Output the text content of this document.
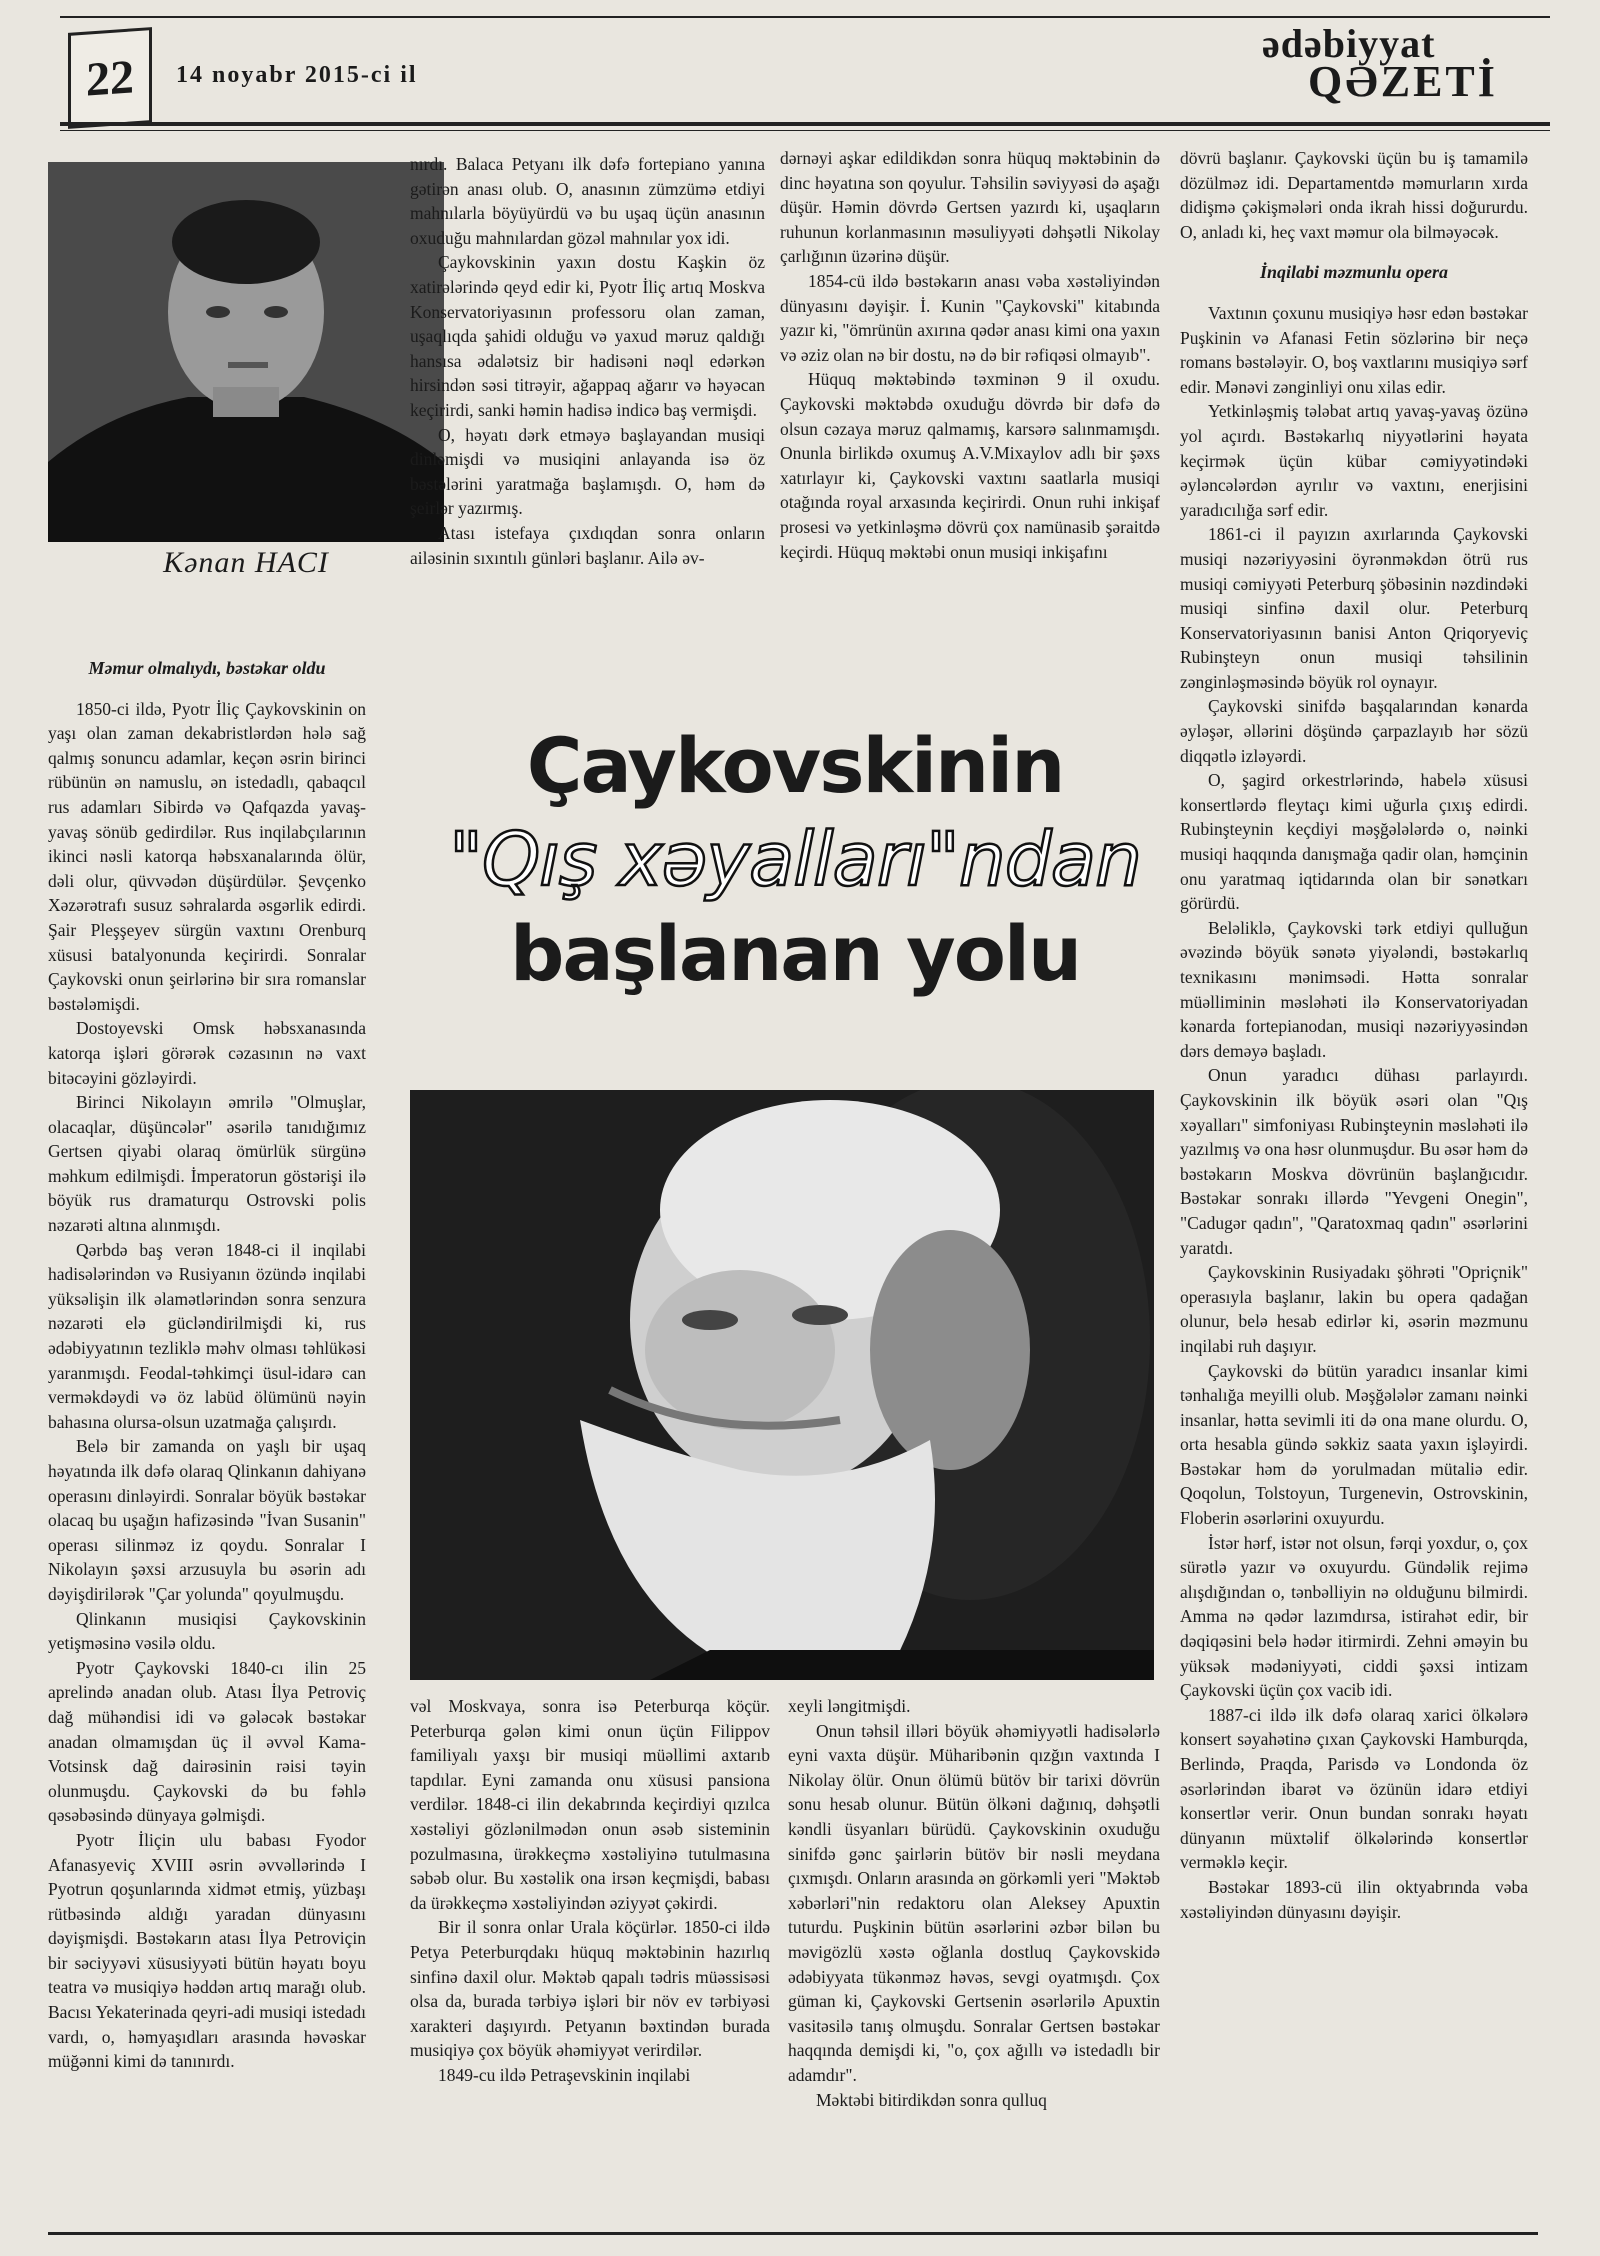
22	14 noyabr 2015-ci il
ədəbiyyat
QƏZETİ
Kənan HACI

Məmur olmalıydı, bəstəkar oldu

1850-ci ildə, Pyotr İliç Çaykovskinin on yaşı olan zaman dekabristlərdən hələ sağ qalmış sonuncu adamlar, keçən əsrin birinci rübünün ən namuslu, ən istedadlı, qabaqcıl rus adamları Sibirdə və Qafqazda yavaş-yavaş sönüb gedirdilər. Rus inqilabçılarının ikinci nəsli katorqa həbsxanalarında ölür, dəli olur, qüvvədən düşürdülər. Şevçenko Xəzərətrafı susuz səhralarda əsgərlik edirdi. Şair Pleşşeyev sürgün vaxtını Orenburq xüsusi batalyonunda keçirirdi. Sonralar Çaykovski onun şeirlərinə bir sıra romanslar bəstələmişdi.

Dostoyevski Omsk həbsxanasında katorqa işləri görərək cəzasının nə vaxt bitəcəyini gözləyirdi.

Birinci Nikolayın əmrilə "Olmuşlar, olacaqlar, düşüncələr" əsərilə tanıdığımız Gertsen qiyabi olaraq ömürlük sürgünə məhkum edilmişdi. İmperatorun göstərişi ilə böyük rus dramaturqu Ostrovski polis nəzarəti altına alınmışdı.

Qərbdə baş verən 1848-ci il inqilabi hadisələrindən və Rusiyanın özündə inqilabi yüksəlişin ilk əlamətlərindən sonra senzura nəzarəti elə gücləndirilmişdi ki, rus ədəbiyyatının tezliklə məhv olması təhlükəsi yaranmışdı. Feodal-təhkimçi üsul-idarə can verməkdəydi və öz labüd ölümünü nəyin bahasına olursa-olsun uzatmağa çalışırdı.

Belə bir zamanda on yaşlı bir uşaq həyatında ilk dəfə olaraq Qlinkanın dahiyanə operasını dinləyirdi. Sonralar böyük bəstəkar olacaq bu uşağın hafizəsində "İvan Susanin" operası silinməz iz qoydu. Sonralar I Nikolayın şəxsi arzusuyla bu əsərin adı dəyişdirilərək "Çar yolunda" qoyulmuşdu.

Qlinkanın musiqisi Çaykovskinin yetişməsinə vəsilə oldu.

Pyotr Çaykovski 1840-cı ilin 25 aprelində anadan olub. Atası İlya Petroviç dağ mühəndisi idi və gələcək bəstəkar anadan olmamışdan üç il əvvəl Kama-Votsinsk dağ dairəsinin rəisi təyin olunmuşdu. Çaykovski də bu fəhlə qəsəbəsində dünyaya gəlmişdi.

Pyotr İliçin ulu babası Fyodor Afanasyeviç XVIII əsrin əvvəllərində I Pyotrun qoşunlarında xidmət etmiş, yüzbaşı rütbəsində aldığı yaradan dünyasını dəyişmişdi. Bəstəkarın atası İlya Petroviçin bir səciyyəvi xüsusiyyəti bütün həyatı boyu teatra və musiqiyə həddən artıq marağı olub. Bacısı Yekaterinada qeyri-adi musiqi istedadı vardı, o, həmyaşıdları arasında həvəskar müğənni kimi də tanınırdı.

nırdı. Balaca Petyanı ilk dəfə fortepiano yanına gətirən anası olub. O, anasının zümzümə etdiyi mahnılarla böyüyürdü və bu uşaq üçün anasının oxuduğu mahnılardan gözəl mahnılar yox idi.

Çaykovskinin yaxın dostu Kaşkin öz xatirələrində qeyd edir ki, Pyotr İliç artıq Moskva Konservatoriyasının professoru olan zaman, uşaqlıqda şahidi olduğu və yaxud məruz qaldığı hansısa ədalətsiz bir hadisəni nəql edərkən hirsindən səsi titrəyir, ağappaq ağarır və həyəcan keçirirdi, sanki həmin hadisə indicə baş vermişdi.

O, həyatı dərk etməyə başlayandan musiqi dinləmişdi və musiqini anlayanda isə öz bəstələrini yaratmağa başlamışdı. O, həm də şeirlər yazırmış.

Atası istefaya çıxdıqdan sonra onların ailəsinin sıxıntılı günləri başlanır. Ailə əv-

dərnəyi aşkar edildikdən sonra hüquq məktəbinin də dinc həyatına son qoyulur. Təhsilin səviyyəsi də aşağı düşür. Həmin dövrdə Gertsen yazırdı ki, uşaqların ruhunun korlanmasının məsuliyyəti dəhşətli Nikolay çarlığının üzərinə düşür.

1854-cü ildə bəstəkarın anası vəba xəstəliyindən dünyasını dəyişir. İ. Kunin "Çaykovski" kitabında yazır ki, "ömrünün axırına qədər anası kimi ona yaxın və əziz olan nə bir dostu, nə də bir rəfiqəsi olmayıb".

Hüquq məktəbində təxminən 9 il oxudu. Çaykovski məktəbdə oxuduğu dövrdə bir dəfə də olsun cəzaya məruz qalmamış, karsərə salınmamışdı. Onunla birlikdə oxumuş A.V.Mixaylov adlı bir şəxs xatırlayır ki, Çaykovski vaxtını saatlarla musiqi otağında royal arxasında keçirirdi. Onun ruhi inkişaf prosesi və yetkinləşmə dövrü çox namünasib şəraitdə keçirdi. Hüquq məktəbi onun musiqi inkişafını

Çaykovskinin
"Qış xəyalları"ndan
başlanan yolu

dövrü başlanır. Çaykovski üçün bu iş tamamilə dözülməz idi. Departamentdə məmurların xırda didişmə çəkişmələri onda ikrah hissi doğururdu. O, anladı ki, heç vaxt məmur ola bilməyəcək.

İnqilabi məzmunlu opera

Vaxtının çoxunu musiqiyə həsr edən bəstəkar Puşkinin və Afanasi Fetin sözlərinə bir neçə romans bəstələyir. O, boş vaxtlarını musiqiyə sərf edir. Mənəvi zənginliyi onu xilas edir.

Yetkinləşmiş tələbat artıq yavaş-yavaş özünə yol açırdı. Bəstəkarlıq niyyətlərini həyata keçirmək üçün kübar cəmiyyətindəki əyləncələrdən ayrılır və vaxtını, enerjisini yaradıcılığa sərf edir.

1861-ci il payızın axırlarında Çaykovski musiqi nəzəriyyəsini öyrənməkdən ötrü rus musiqi cəmiyyəti Peterburq şöbəsinin nəzdindəki musiqi sinfinə daxil olur. Peterburq Konservatoriyasının banisi Anton Qriqoryeviç Rubinşteyn onun musiqi təhsilinin zənginləşməsində böyük rol oynayır.

Çaykovski sinifdə başqalarından kənarda əyləşər, əllərini döşündə çarpazlayıb hər sözü diqqətlə izləyərdi.

O, şagird orkestrlərində, habelə xüsusi konsertlərdə fleytaçı kimi uğurla çıxış edirdi. Rubinşteynin keçdiyi məşğələlərdə o, nəinki musiqi haqqında danışmağa qadir olan, həmçinin onu yaratmaq iqtidarında olan bir sənətkarı görürdü.

Beləliklə, Çaykovski tərk etdiyi qulluğun əvəzində böyük sənətə yiyələndi, bəstəkarlıq texnikasını mənimsədi. Hətta sonralar müəlliminin məsləhəti ilə Konservatoriyadan kənarda fortepianodan, musiqi nəzəriyyəsindən dərs deməyə başladı.

Onun yaradıcı dühası parlayırdı. Çaykovskinin ilk böyük əsəri olan "Qış xəyalları" simfoniyası Rubinşteynin məsləhəti ilə yazılmış və ona həsr olunmuşdur. Bu əsər həm də bəstəkarın Moskva dövrünün başlanğıcıdır. Bəstəkar sonrakı illərdə "Yevgeni Onegin", "Cadugər qadın", "Qaratoxmaq qadın" əsərlərini yaratdı.

Çaykovskinin Rusiyadakı şöhrəti "Opriçnik" operasıyla başlanır, lakin bu opera qadağan olunur, belə hesab edirlər ki, əsərin məzmunu inqilabi ruh daşıyır.

Çaykovski də bütün yaradıcı insanlar kimi tənhalığa meyilli olub. Məşğələlər zamanı nəinki insanlar, hətta sevimli iti də ona mane olurdu. O, orta hesabla gündə səkkiz saata yaxın işləyirdi. Bəstəkar həm də yorulmadan mütaliə edir. Qoqolun, Tolstoyun, Turgenevin, Ostrovskinin, Floberin əsərlərini oxuyurdu.

İstər hərf, istər not olsun, fərqi yoxdur, o, çox sürətlə yazır və oxuyurdu. Gündəlik rejimə alışdığından o, tənbəlliyin nə olduğunu bilmirdi. Amma nə qədər lazımdırsa, istirahət edir, bir dəqiqəsini belə hədər itirmirdi. Zehni əməyin bu yüksək mədəniyyəti, ciddi şəxsi intizam Çaykovski üçün çox vacib idi.

1887-ci ildə ilk dəfə olaraq xarici ölkələrə konsert səyahətinə çıxan Çaykovski Hamburqda, Berlində, Praqda, Parisdə və Londonda öz əsərlərindən ibarət və özünün idarə etdiyi konsertlər verir. Onun bundan sonrakı həyatı dünyanın müxtəlif ölkələrində konsertlər verməklə keçir.

Bəstəkar 1893-cü ilin oktyabrında vəba xəstəliyindən dünyasını dəyişir.

vəl Moskvaya, sonra isə Peterburqa köçür. Peterburqa gələn kimi onun üçün Filippov familiyalı yaxşı bir musiqi müəllimi axtarıb tapdılar. Eyni zamanda onu xüsusi pansiona verdilər. 1848-ci ilin dekabrında keçirdiyi qızılca xəstəliyi gözlənilmədən onun əsəb sisteminin pozulmasına, ürəkkeçmə xəstəliyinə tutulmasına səbəb olur. Bu xəstəlik ona irsən keçmişdi, babası da ürəkkeçmə xəstəliyindən əziyyət çəkirdi.

Bir il sonra onlar Urala köçürlər. 1850-ci ildə Petya Peterburqdakı hüquq məktəbinin hazırlıq sinfinə daxil olur. Məktəb qapalı tədris müəssisəsi olsa da, burada tərbiyə işləri bir növ ev tərbiyəsi xarakteri daşıyırdı. Petyanın bəxtindən burada musiqiyə çox böyük əhəmiyyət verirdilər.

1849-cu ildə Petraşevskinin inqilabi

xeyli ləngitmişdi.

Onun təhsil illəri böyük əhəmiyyətli hadisələrlə eyni vaxta düşür. Müharibənin qızğın vaxtında I Nikolay ölür. Onun ölümü bütöv bir tarixi dövrün sonu hesab olunur. Bütün ölkəni dağınıq, dəhşətli kəndli üsyanları bürüdü. Çaykovskinin oxuduğu sinifdə gənc şairlərin bütöv bir nəsli meydana çıxmışdı. Onların arasında ən görkəmli yeri "Məktəb xəbərləri"nin redaktoru olan Aleksey Apuxtin tuturdu. Puşkinin bütün əsərlərini əzbər bilən bu məvigözlü xəstə oğlanla dostluq Çaykovskidə ədəbiyyata tükənməz həvəs, sevgi oyatmışdı. Çox güman ki, Çaykovski Gertsenin əsərlərilə Apuxtin vasitəsilə tanış olmuşdu. Sonralar Gertsen bəstəkar haqqında demişdi ki, "o, çox ağıllı və istedadlı bir adamdır".

Məktəbi bitirdikdən sonra qulluq
